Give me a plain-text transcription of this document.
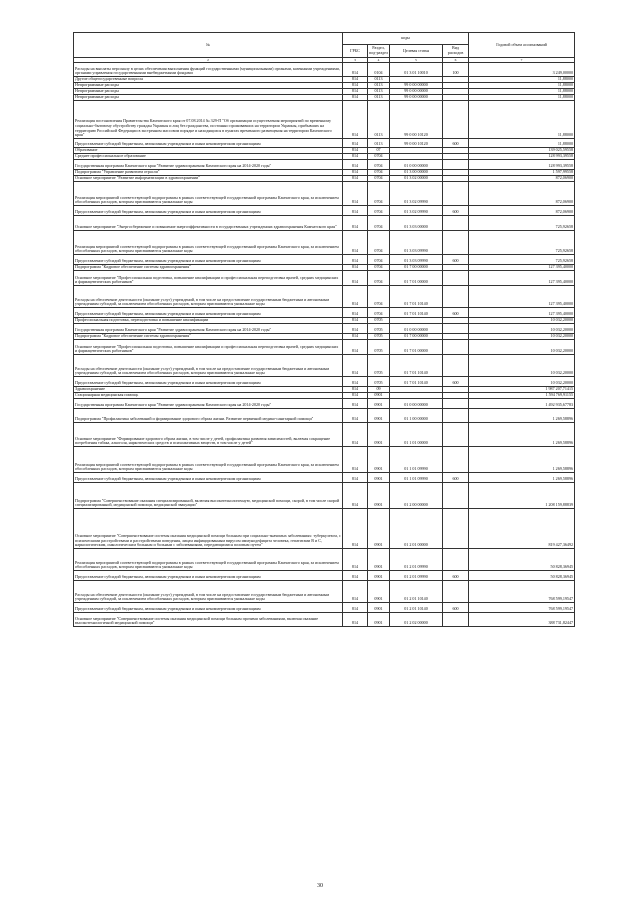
№	коды				Годовой объем ассигнований
	ГРБС	Раздел, под-раздел	Целевая статья	Вид расходов	
2	3	4	5	6	7
Расходы на выплаты персоналу в целях обеспечения выполнения функций государственными (муниципальными) органами, казенными учреждениями, органами управления государственными внебюджетными фондами	814	0104	01 3 01 10010	100	3 249,00000
Другие общегосударственные вопросы	814	0113			11,88000
Непрограммные расходы	814	0113	99 0 00 00000		11,88000
Непрограммные расходы	814	0113	99 0 00 00000		11,88000
Непрограммные расходы	814	0113	99 0 00 00000		11,88000
Реализация постановления Правительства Камчатского края от 07.08.2014 № 329-П "Об организации осуществления мероприятий по временному социально-бытовому обустройству граждан Украины и лиц без гражданства, постоянно проживавших на территории Украины, прибывших на территорию Российской Федерации в экстренном массовом порядке и находящихся в пунктах временного размещения на территории Камчатского края"	814	0113	99 0 00 10120		11,88000
Предоставление субсидий бюджетным, автономным учреждениям и иным некоммерческим организациям	814	0113	99 0 00 10120	600	11,88000
Образование	814	07			139 025,59558
Среднее профессиональное образование	814	0704			128 993,39558
Государственная программа Камчатского края "Развитие здравоохранения Камчатского края на 2014-2020 годы"	814	0704	01 0 00 00000		128 993,39558
Подпрограмма "Управление развитием отрасли"	814	0704	01 3 00 00000		1 597,99558
Основное мероприятие "Развитие информатизации в здравоохранении"	814	0704	01 3 02 00000		872,06900
Реализация мероприятий соответствующей подпрограммы в рамках соответствующей государственной программы Камчатского края, за исключением обособленных расходов, которым присваиваются уникальные коды	814	0704	01 3 02 09990		872,06900
Предоставление субсидий бюджетным, автономным учреждениям и иным некоммерческим организациям	814	0704	01 3 02 09990	600	872,06900
Основное мероприятие "Энергосбережение и повышение энергоэффективности в государственных учреждениях здравоохранения Камчатского края"	814	0704	01 3 03 00000		725,92658
Реализация мероприятий соответствующей подпрограммы в рамках соответствующей государственной программы Камчатского края, за исключением обособленных расходов, которым присваиваются уникальные коды	814	0704	01 3 03 09990		725,92658
Предоставление субсидий бюджетным, автономным учреждениям и иным некоммерческим организациям	814	0704	01 3 03 09990	600	725,92658
Подпрограмма "Кадровое обеспечение системы здравоохранения"	814	0704	01 7 00 00000		127 395,40000
Основное мероприятие "Профессиональная подготовка, повышение квалификации и профессиональная переподготовка врачей, средних медицинских и фармацевтических работников"	814	0704	01 7 01 00000		127 395,40000
Расходы на обеспечение деятельности (оказание услуг) учреждений, в том числе на предоставление государственным бюджетным и автономным учреждениям субсидий, за исключением обособленных расходов, которым присваиваются уникальные коды	814	0704	01 7 01 10140		127 395,40000
Предоставление субсидий бюджетным, автономным учреждениям и иным некоммерческим организациям	814	0704	01 7 01 10140	600	127 395,40000
Профессиональная подготовка, переподготовка и повышение квалификации	814	0705			10 032,20000
Государственная программа Камчатского края "Развитие здравоохранения Камчатского края на 2014-2020 годы"	814	0705	01 0 00 00000		10 032,20000
Подпрограмма "Кадровое обеспечение системы здравоохранения"	814	0705	01 7 00 00000		10 032,20000
Основное мероприятие "Профессиональная подготовка, повышение квалификации и профессиональная переподготовка врачей, средних медицинских и фармацевтических работников"	814	0705	01 7 01 00000		10 032,20000
Расходы на обеспечение деятельности (оказание услуг) учреждений, в том числе на предоставление государственным бюджетным и автономным учреждениям субсидий, за исключением обособленных расходов, которым присваиваются уникальные коды	814	0705	01 7 01 10140		10 032,20000
Предоставление субсидий бюджетным, автономным учреждениям и иным некоммерческим организациям	814	0705	01 7 01 10140	600	10 032,20000
Здравоохранение	814	09			1 987 207,71415
Стационарная медицинская помощь	814	0901			1 594 769,91155
Государственная программа Камчатского края "Развитие здравоохранения Камчатского края на 2014-2020 годы"	814	0901	01 0 00 00000		1 492 935,67783
Подпрограмма "Профилактика заболеваний и формирование здорового образа жизни. Развитие первичной медико-санитарной помощи"	814	0901	01 1 00 00000		1 269,58896
Основное мероприятие "Формирование здорового образа жизни, в том числе у детей, профилактика развития зависимостей, включая сокращение потребления табака, алкоголя, наркотических средств и психоактивных веществ, в том числе у детей"	814	0901	01 1 01 00000		1 269,58896
Реализация мероприятий соответствующей подпрограммы в рамках соответствующей государственной программы Камчатского края, за исключением обособленных расходов, которым присваиваются уникальные коды	814	0901	01 1 01 09990		1 269,58896
Предоставление субсидий бюджетным, автономным учреждениям и иным некоммерческим организациям	814	0901	01 1 01 09990	600	1 269,58896
Подпрограмма "Совершенствование оказания специализированной, включая высокотехнологичную, медицинской помощи, скорой, в том числе скорой специализированной, медицинской помощи, медицинской эвакуации"	814	0901	01 2 00 00000		1 208 159,88839
Основное мероприятие "Совершенствование системы оказания медицинской помощи больным при социально-значимых заболеваниях: туберкулезом, с психическими расстройствами и расстройствами поведения, лицам инфицированным вирусом иммунодефицита человека, гепатитами B и C, наркологическим, онкологическим больным и больным с заболеваниями, передающимися половым путем"	814	0901	01 2 01 00000		819 427,36492
Реализация мероприятий соответствующей подпрограммы в рамках соответствующей государственной программы Камчатского края, за исключением обособленных расходов, которым присваиваются уникальные коды	814	0901	01 2 01 09990		50 828,36945
Предоставление субсидий бюджетным, автономным учреждениям и иным некоммерческим организациям	814	0901	01 2 01 09990	600	50 828,36945
Расходы на обеспечение деятельности (оказание услуг) учреждений, в том числе на предоставление государственным бюджетным и автономным учреждениям субсидий, за исключением обособленных расходов, которым присваиваются уникальные коды	814	0901	01 2 01 10140		768 599,19547
Предоставление субсидий бюджетным, автономным учреждениям и иным некоммерческим организациям	814	0901	01 2 01 10140	600	768 599,19547
Основное мероприятие "Совершенствование системы оказания медицинской помощи больным прочими заболеваниями, включая оказание высокотехнологичной медицинской помощи"	814	0901	01 2 02 00000		388 731,82447
30
